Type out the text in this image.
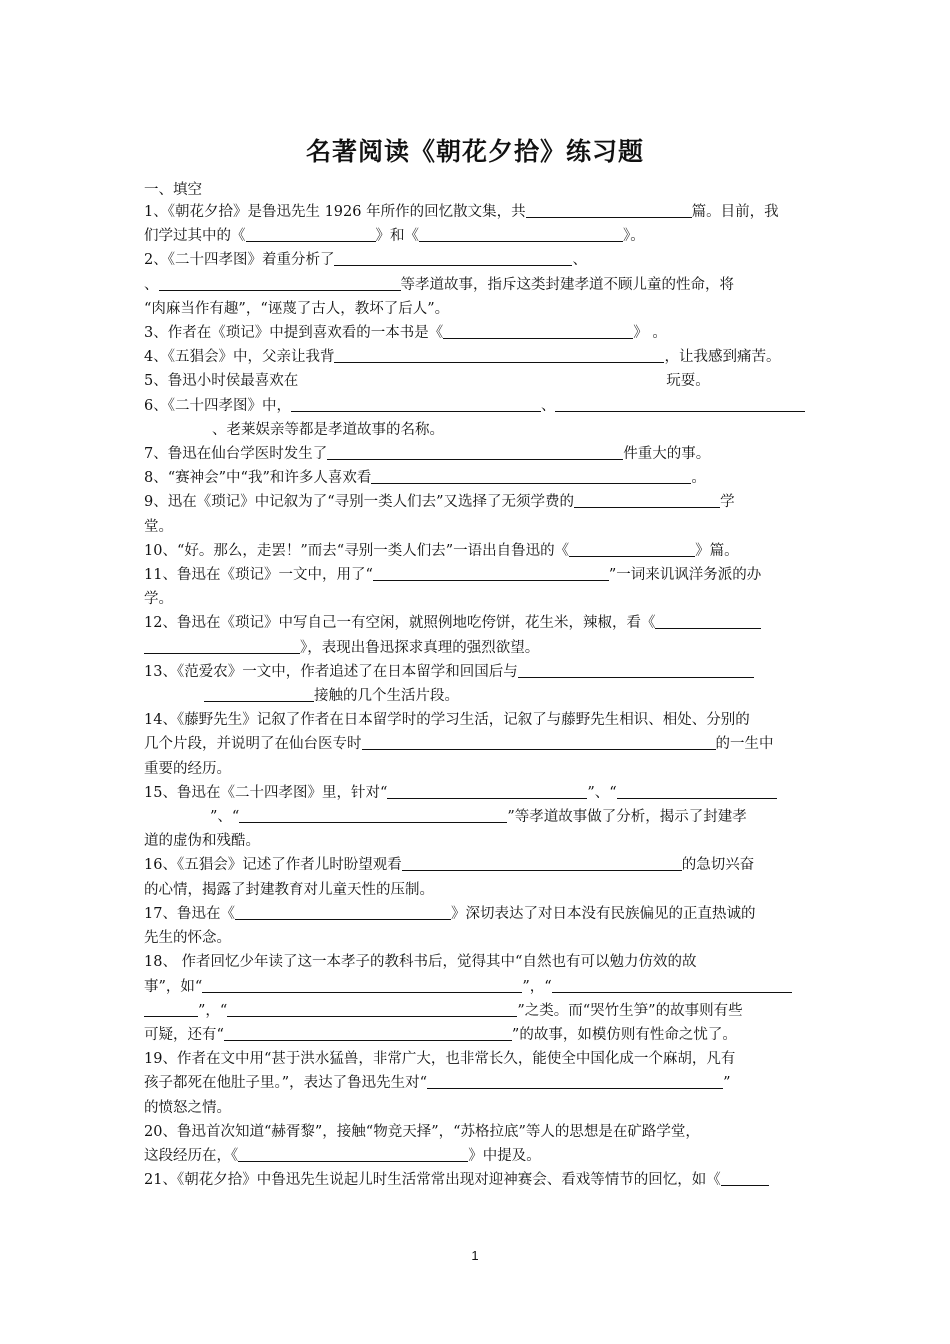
名著阅读《朝花夕拾》练习题
一、填空

1、《朝花夕拾》是鲁迅先生 1926 年所作的回忆散文集，共	篇。目前，我

们学过其中的《	》和《	》。

2、《二十四孝图》着重分析了	、

、	等孝道故事，指斥这类封建孝道不顾儿童的性命，将

“肉麻当作有趣”，“诬蔑了古人，教坏了后人”。

3、作者在《琐记》中提到喜欢看的一本书是《	》 。

4、《五猖会》中，父亲让我背	，让我感到痛苦。

5、鲁迅小时侯最喜欢在	玩耍。

6、《二十四孝图》中，	、

、老莱娱亲等都是孝道故事的名称。

7、鲁迅在仙台学医时发生了	件重大的事。

8、“赛神会”中“我”和许多人喜欢看	。

9、迅在《琐记》中记叙为了“寻别一类人们去”又选择了无须学费的	学

堂。

10、“好。那么，走罢！”而去“寻别一类人们去”一语出自鲁迅的《	》篇。

11、鲁迅在《琐记》一文中，用了“	”一词来讥讽洋务派的办

学。

12、鲁迅在《琐记》中写自己一有空闲，就照例地吃侉饼，花生米，辣椒，看《

》，表现出鲁迅探求真理的强烈欲望。

13、《范爱农》一文中，作者追述了在日本留学和回国后与

接触的几个生活片段。

14、《藤野先生》记叙了作者在日本留学时的学习生活，记叙了与藤野先生相识、相处、分别的

几个片段，并说明了在仙台医专时	的一生中

重要的经历。

15、鲁迅在《二十四孝图》里，针对“	”、“

”、“	”等孝道故事做了分析，揭示了封建孝

道的虚伪和残酷。

16、《五猖会》记述了作者儿时盼望观看	的急切兴奋

的心情，揭露了封建教育对儿童天性的压制。

17、鲁迅在《	》深切表达了对日本没有民族偏见的正直热诚的

先生的怀念。

18、 作者回忆少年读了这一本孝子的教科书后，觉得其中“自然也有可以勉力仿效的故

事”，如“	”，“

”，“	”之类。而“哭竹生笋”的故事则有些

可疑，还有“	”的故事，如模仿则有性命之忧了。

19、作者在文中用“甚于洪水猛兽，非常广大，也非常长久，能使全中国化成一个麻胡，凡有

孩子都死在他肚子里。”，表达了鲁迅先生对“	”

的愤怒之情。

20、鲁迅首次知道“赫胥黎”，接触“物竞天择”，“苏格拉底”等人的思想是在矿路学堂，

这段经历在，《	》中提及。

21、《朝花夕拾》中鲁迅先生说起儿时生活常常出现对迎神赛会、看戏等情节的回忆，如《

1
